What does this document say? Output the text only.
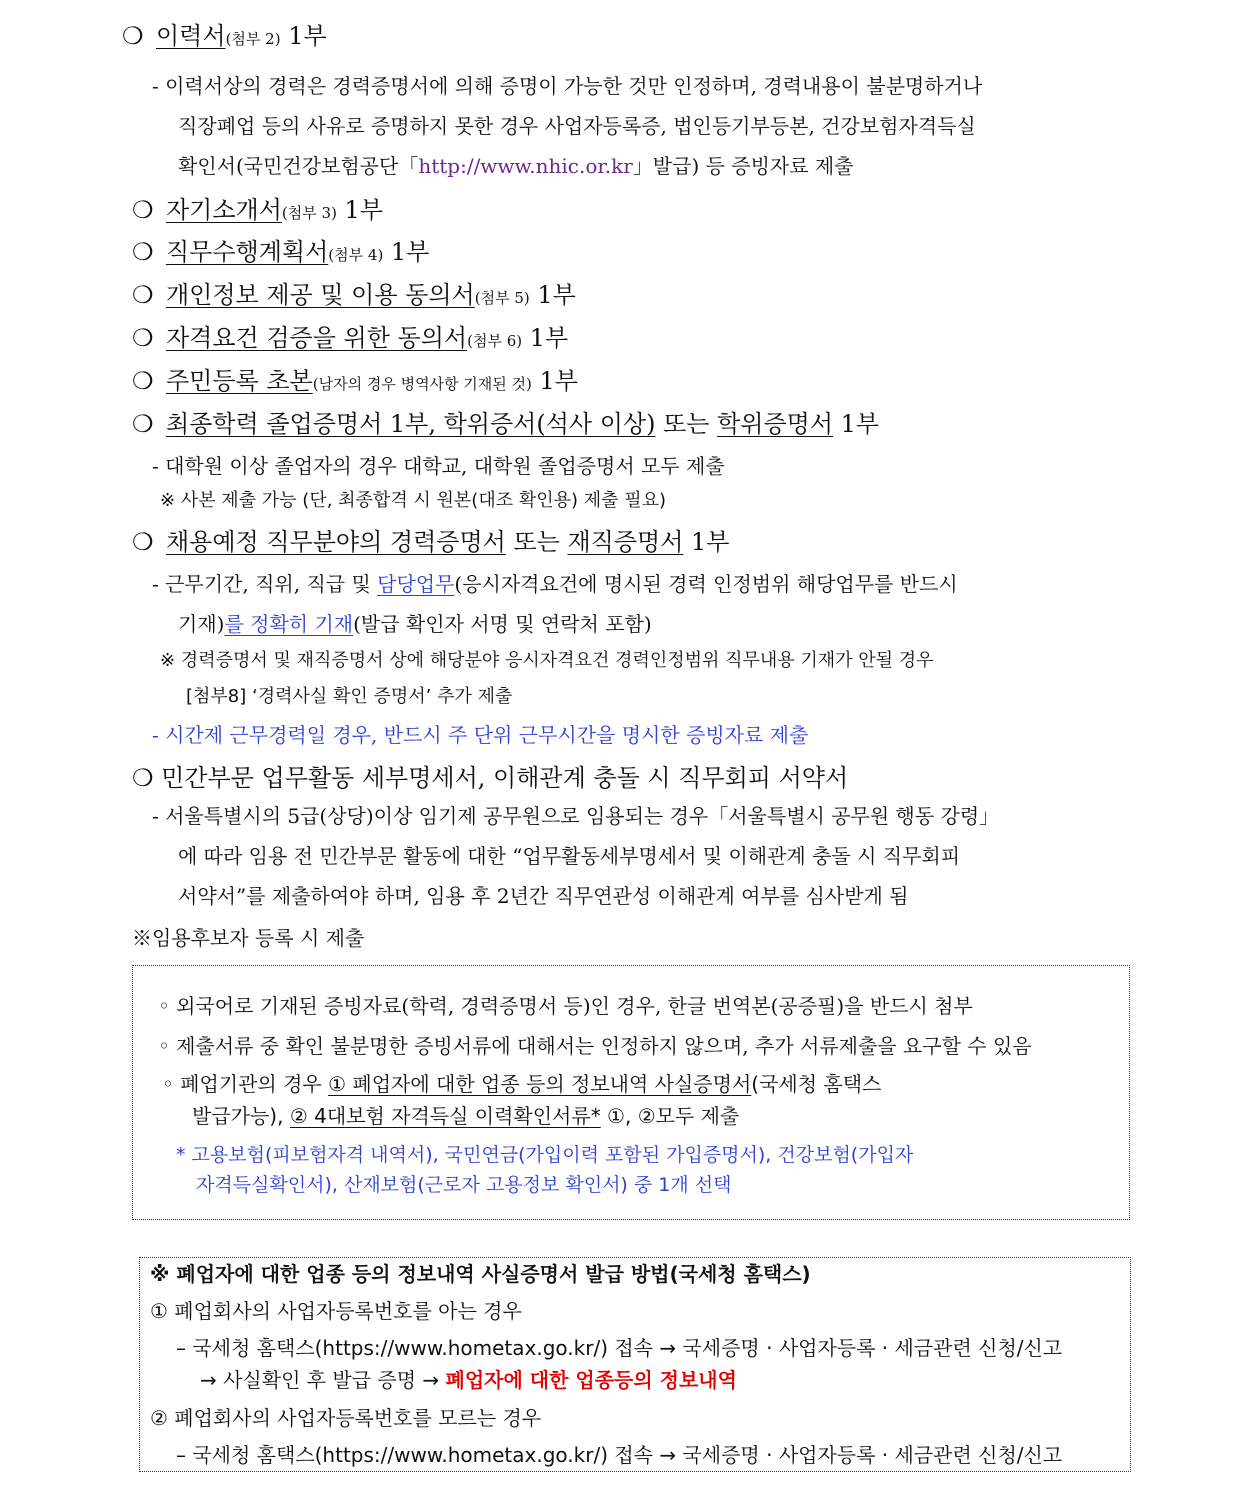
❍ 이력서(첨부 2) 1부
- 이력서상의 경력은 경력증명서에 의해 증명이 가능한 것만 인정하며, 경력내용이 불분명하거나
직장폐업 등의 사유로 증명하지 못한 경우 사업자등록증, 법인등기부등본, 건강보험자격득실
확인서(국민건강보험공단「http://www.nhic.or.kr」발급) 등 증빙자료 제출
❍ 자기소개서(첨부 3) 1부
❍ 직무수행계획서(첨부 4) 1부
❍ 개인정보 제공 및 이용 동의서(첨부 5) 1부
❍ 자격요건 검증을 위한 동의서(첨부 6) 1부
❍ 주민등록 초본(남자의 경우 병역사항 기재된 것) 1부
❍ 최종학력 졸업증명서 1부, 학위증서(석사 이상) 또는 학위증명서 1부
- 대학원 이상 졸업자의 경우 대학교, 대학원 졸업증명서 모두 제출
※ 사본 제출 가능 (단, 최종합격 시 원본(대조 확인용) 제출 필요)
❍ 채용예정 직무분야의 경력증명서 또는 재직증명서 1부
- 근무기간, 직위, 직급 및 담당업무(응시자격요건에 명시된 경력 인정범위 해당업무를 반드시
기재)를 정확히 기재(발급 확인자 서명 및 연락처 포함)
※ 경력증명서 및 재직증명서 상에 해당분야 응시자격요건 경력인정범위 직무내용 기재가 안될 경우
[첨부8] ‘경력사실 확인 증명서’ 추가 제출
- 시간제 근무경력일 경우, 반드시 주 단위 근무시간을 명시한 증빙자료 제출
❍ 민간부문 업무활동 세부명세서, 이해관계 충돌 시 직무회피 서약서
- 서울특별시의 5급(상당)이상 임기제 공무원으로 임용되는 경우「서울특별시 공무원 행동 강령」
에 따라 임용 전 민간부문 활동에 대한 “업무활동세부명세서 및 이해관계 충돌 시 직무회피
서약서”를 제출하여야 하며, 임용 후 2년간 직무연관성 이해관계 여부를 심사받게 됨
※임용후보자 등록 시 제출
◦ 외국어로 기재된 증빙자료(학력, 경력증명서 등)인 경우, 한글 번역본(공증필)을 반드시 첨부
◦ 제출서류 중 확인 불분명한 증빙서류에 대해서는 인정하지 않으며, 추가 서류제출을 요구할 수 있음
◦ 폐업기관의 경우 ① 폐업자에 대한 업종 등의 정보내역 사실증명서(국세청 홈택스
발급가능), ② 4대보험 자격득실 이력확인서류* ①, ②모두 제출
* 고용보험(피보험자격 내역서), 국민연금(가입이력 포함된 가입증명서), 건강보험(가입자
자격득실확인서), 산재보험(근로자 고용정보 확인서) 중 1개 선택
※ 폐업자에 대한 업종 등의 정보내역 사실증명서 발급 방법(국세청 홈택스)
① 폐업회사의 사업자등록번호를 아는 경우
– 국세청 홈택스(https://www.hometax.go.kr/) 접속 → 국세증명 · 사업자등록 · 세금관련 신청/신고
→ 사실확인 후 발급 증명 → 폐업자에 대한 업종등의 정보내역
② 폐업회사의 사업자등록번호를 모르는 경우
– 국세청 홈택스(https://www.hometax.go.kr/) 접속 → 국세증명 · 사업자등록 · 세금관련 신청/신고
